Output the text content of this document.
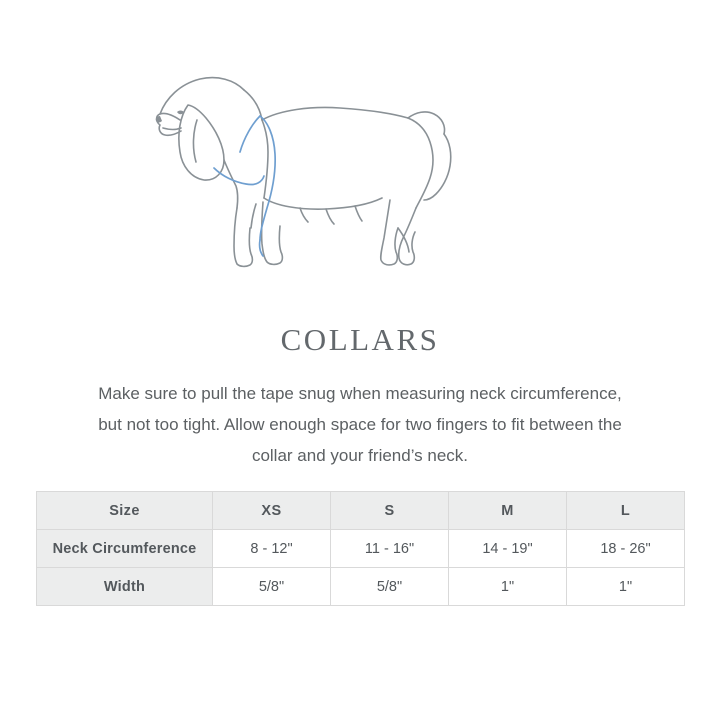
COLLARS
Make sure to pull the tape snug when measuring neck circumference, but not too tight. Allow enough space for two fingers to fit between the collar and your friend’s neck.
Size	XS	S	M	L
Neck Circumference	8 - 12"	11 - 16"	14 - 19"	18 - 26"
Width	5/8"	5/8"	1"	1"
